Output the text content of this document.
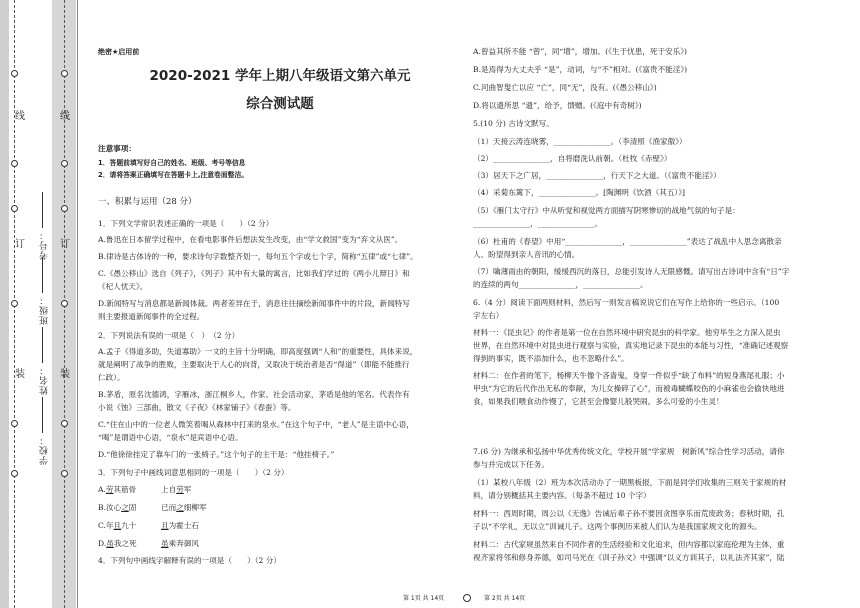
线	线
订	订
装	装
考号：
班级：
姓名：
学校：
绝密★启用前
2020-2021 学年上期八年级语文第六单元
综合测试题
注意事项：
1．答题前填写好自己的姓名、班级、考号等信息
2．请将答案正确填写在答题卡上,注意卷面整洁。
一、积累与运用（28 分）
1．下列文学常识表述正确的一项是（　　）（2 分）
A.鲁迅在日本留学过程中，在看电影事件后想法发生改变，由“学文救国”变为“弃文从医”。
B.律诗是古体诗的一种，要求诗句字数整齐划一，每句五个字或七个字，简称“五律”或“七律”。
C.《愚公移山》选自《列子》，《列子》其中有大量的寓言，比如我们学过的《两小儿辩日》和
《杞人忧天》。
D.新闻特写与消息都是新闻体裁。两者差异在于，消息往往摘绘新闻事件中的片段，新闻特写
则主要报道新闻事件的全过程。
2．下列说法有误的一项是（　）　（2 分）
A.孟子《得道多助，失道寡助》一文的主旨十分明确，即高度强调“人和”的重要性，具体来说，
就是阐明了战争的胜败，主要取决于人心的向背，又取决于统治者是否“得道”（即能不能推行
仁政）。
B.茅盾，原名沈德鸿，字雁冰，浙江桐乡人，作家、社会活动家，茅盾是他的笔名。代表作有
小说《蚀》三部曲，散文《子夜》《林家铺子》《春蚕》等。
C.“住在山中的一位老人微笑着喝从森林中打来的泉水。”在这个句子中，“老人”是主语中心语，
“喝”是谓语中心语，“泉水”是宾语中心语。
D.“他徐徐挂定了靠车门的一张椅子。”这个句子的主干是：“他挂椅子。”
3．下列句子中画线词意思相同的一项是（　　）（2 分）
A.劳其筋骨	上自劳军
B.汝心之固	已而之细柳军
C.年且九十	且为霍士石
D.虽我之死	虽乘奔御风
4．下列句中画线字解释有误的一项是（　　）（2 分）
A.曾益其所不能 “曾”，同“增”，增加。(《生于忧患，死于安乐》)
B.是焉得为大丈夫乎 “是”，动词，与“不”相对。(《富贵不能淫》)
C.河曲智叟亡以应 “亡”，同“无”，没有。(《愚公移山》)
D.将以遗所思 “遗”，给予，馈赠。(《庭中有奇树》)
5.(10 分) 古诗文默写。
（1）天接云涛连晓雾，_______________。（李清照《渔家傲》）
（2）_______________，自将磨洗认前朝。（杜牧《赤壁》）
（3）居天下之广居，_______________，行天下之大道。（《富贵不能淫》）
（4）采菊东篱下，_______________。[陶渊明《饮酒（其五）》]
（5）《雁门太守行》中从听觉和视觉两方面描写阴寒惨切的战地气氛的句子是：
_______________，_______________。
（6）杜甫的《春望》中用“_______________，_______________”表达了战乱中人思念离散亲
人、盼望得到亲人音讯的心情。
（7）噙薄雨由的朝阳，缓缓西沉的落日，总能引发诗人无限感慨。请写出古诗词中含有“日”字
的连续的两句_______________，_______________。
6.（4 分）阅读下面两则材料，然后写一则发言稿说说它们在写作上给你的一些启示。（100
字左右）
材料一：《昆虫记》的作者是第一位在自然环境中研究昆虫的科学家。他穷毕生之力深入昆虫
世界，在自然环境中对昆虫进行观察与实验，真实地记录下昆虫的本能与习性，“准确记述观察
得到的事实，既不添加什么，也不忽略什么”。
材料二：在作者的笔下，杨柳天牛像个吝啬鬼，身穿一件似乎“缺了布料”的短身燕尾礼服；小
甲虫“为它的后代作出无私的奉献，为儿女操碎了心”，而被毒蝴蝶咬伤的小麻雀也会偷快地进
食，如果我们喂食动作慢了，它甚至会像婴儿般哭闹。多么可爱的小生灵！
7.(6 分) 为继承和弘扬中华优秀传统文化，学校开展“学家规　树新风”综合性学习活动，请你
参与并完成以下任务。
（1）某校八年级（2）班为本次活动办了一期黑板报，下面是同学们收集的三则关于家规的材
料，请分别概括其主要内容。（每条不超过 10 个字）
材料一：西周时期，周公以《无逸》告诫后辈子孙不要因贪图享乐而荒废政务；春秋时期，孔
子以“不学礼，无以立”训诫儿子。这两个事例历来被人们认为是我国家规文化的源头。
材料二：古代家规虽然来自不同作者的生活经验和文化追求，但内容都以家庭伦理为主体，重
视齐家将邻和修身养德，如司马光在《训子孙文》中强调“以义方训其子，以礼法齐其家”，陆
第 1页 共 14页	第 2页 共 14页
